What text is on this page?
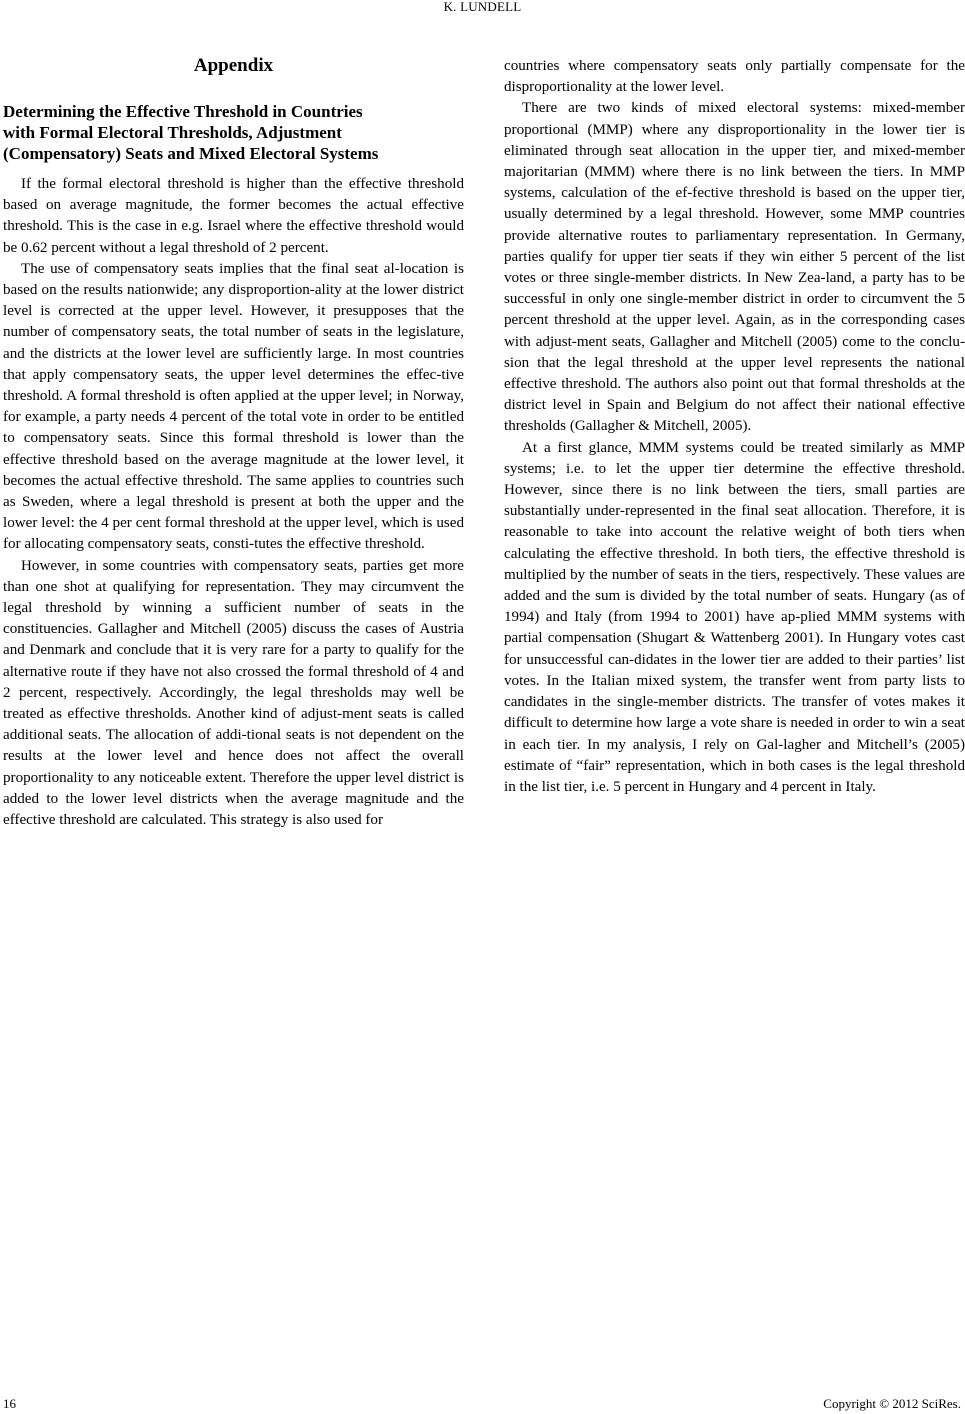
K. LUNDELL
Appendix
Determining the Effective Threshold in Countries
with Formal Electoral Thresholds, Adjustment
(Compensatory) Seats and Mixed Electoral Systems

If the formal electoral threshold is higher than the effective threshold based on average magnitude, the former becomes the actual effective threshold. This is the case in e.g. Israel where the effective threshold would be 0.62 percent without a legal threshold of 2 percent.

The use of compensatory seats implies that the final seat al-location is based on the results nationwide; any disproportion-ality at the lower district level is corrected at the upper level. However, it presupposes that the number of compensatory seats, the total number of seats in the legislature, and the districts at the lower level are sufficiently large. In most countries that apply compensatory seats, the upper level determines the effec-tive threshold. A formal threshold is often applied at the upper level; in Norway, for example, a party needs 4 percent of the total vote in order to be entitled to compensatory seats. Since this formal threshold is lower than the effective threshold based on the average magnitude at the lower level, it becomes the actual effective threshold. The same applies to countries such as Sweden, where a legal threshold is present at both the upper and the lower level: the 4 per cent formal threshold at the upper level, which is used for allocating compensatory seats, consti-tutes the effective threshold.

However, in some countries with compensatory seats, parties get more than one shot at qualifying for representation. They may circumvent the legal threshold by winning a sufficient number of seats in the constituencies. Gallagher and Mitchell (2005) discuss the cases of Austria and Denmark and conclude that it is very rare for a party to qualify for the alternative route if they have not also crossed the formal threshold of 4 and 2 percent, respectively. Accordingly, the legal thresholds may well be treated as effective thresholds. Another kind of adjust-ment seats is called additional seats. The allocation of addi-tional seats is not dependent on the results at the lower level and hence does not affect the overall proportionality to any noticeable extent. Therefore the upper level district is added to the lower level districts when the average magnitude and the effective threshold are calculated. This strategy is also used for

countries where compensatory seats only partially compensate for the disproportionality at the lower level.

There are two kinds of mixed electoral systems: mixed-member proportional (MMP) where any disproportionality in the lower tier is eliminated through seat allocation in the upper tier, and mixed-member majoritarian (MMM) where there is no link between the tiers. In MMP systems, calculation of the ef-fective threshold is based on the upper tier, usually determined by a legal threshold. However, some MMP countries provide alternative routes to parliamentary representation. In Germany, parties qualify for upper tier seats if they win either 5 percent of the list votes or three single-member districts. In New Zea-land, a party has to be successful in only one single-member district in order to circumvent the 5 percent threshold at the upper level. Again, as in the corresponding cases with adjust-ment seats, Gallagher and Mitchell (2005) come to the conclu-sion that the legal threshold at the upper level represents the national effective threshold. The authors also point out that formal thresholds at the district level in Spain and Belgium do not affect their national effective thresholds (Gallagher & Mitchell, 2005).

At a first glance, MMM systems could be treated similarly as MMP systems; i.e. to let the upper tier determine the effective threshold. However, since there is no link between the tiers, small parties are substantially under-represented in the final seat allocation. Therefore, it is reasonable to take into account the relative weight of both tiers when calculating the effective threshold. In both tiers, the effective threshold is multiplied by the number of seats in the tiers, respectively. These values are added and the sum is divided by the total number of seats. Hungary (as of 1994) and Italy (from 1994 to 2001) have ap-plied MMM systems with partial compensation (Shugart & Wattenberg 2001). In Hungary votes cast for unsuccessful can-didates in the lower tier are added to their parties’ list votes. In the Italian mixed system, the transfer went from party lists to candidates in the single-member districts. The transfer of votes makes it difficult to determine how large a vote share is needed in order to win a seat in each tier. In my analysis, I rely on Gal-lagher and Mitchell’s (2005) estimate of “fair” representation, which in both cases is the legal threshold in the list tier, i.e. 5 percent in Hungary and 4 percent in Italy.

16	Copyright © 2012 SciRes.
